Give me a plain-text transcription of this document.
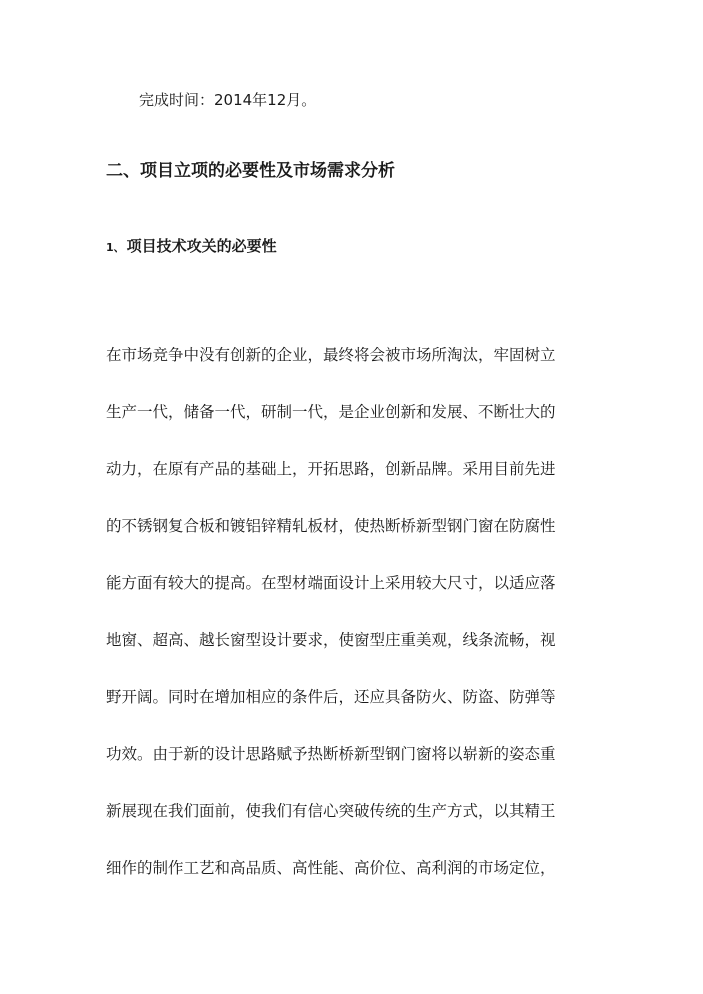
完成时间：2014年12月。
二、项目立项的必要性及市场需求分析
1、 项目技术攻关的必要性
在市场竞争中没有创新的企业，最终将会被市场所淘汰，牢固树立
生产一代，储备一代，研制一代，是企业创新和发展、不断壮大的
动力，在原有产品的基础上，开拓思路，创新品牌。采用目前先进
的不锈钢复合板和镀铝锌精轧板材，使热断桥新型钢门窗在防腐性
能方面有较大的提高。在型材端面设计上采用较大尺寸，以适应落
地窗、超高、越长窗型设计要求，使窗型庄重美观，线条流畅，视
野开阔。同时在增加相应的条件后，还应具备防火、防盗、防弹等
功效。由于新的设计思路赋予热断桥新型钢门窗将以崭新的姿态重
新展现在我们面前，使我们有信心突破传统的生产方式，以其精王
细作的制作工艺和高品质、高性能、高价位、高利润的市场定位，
